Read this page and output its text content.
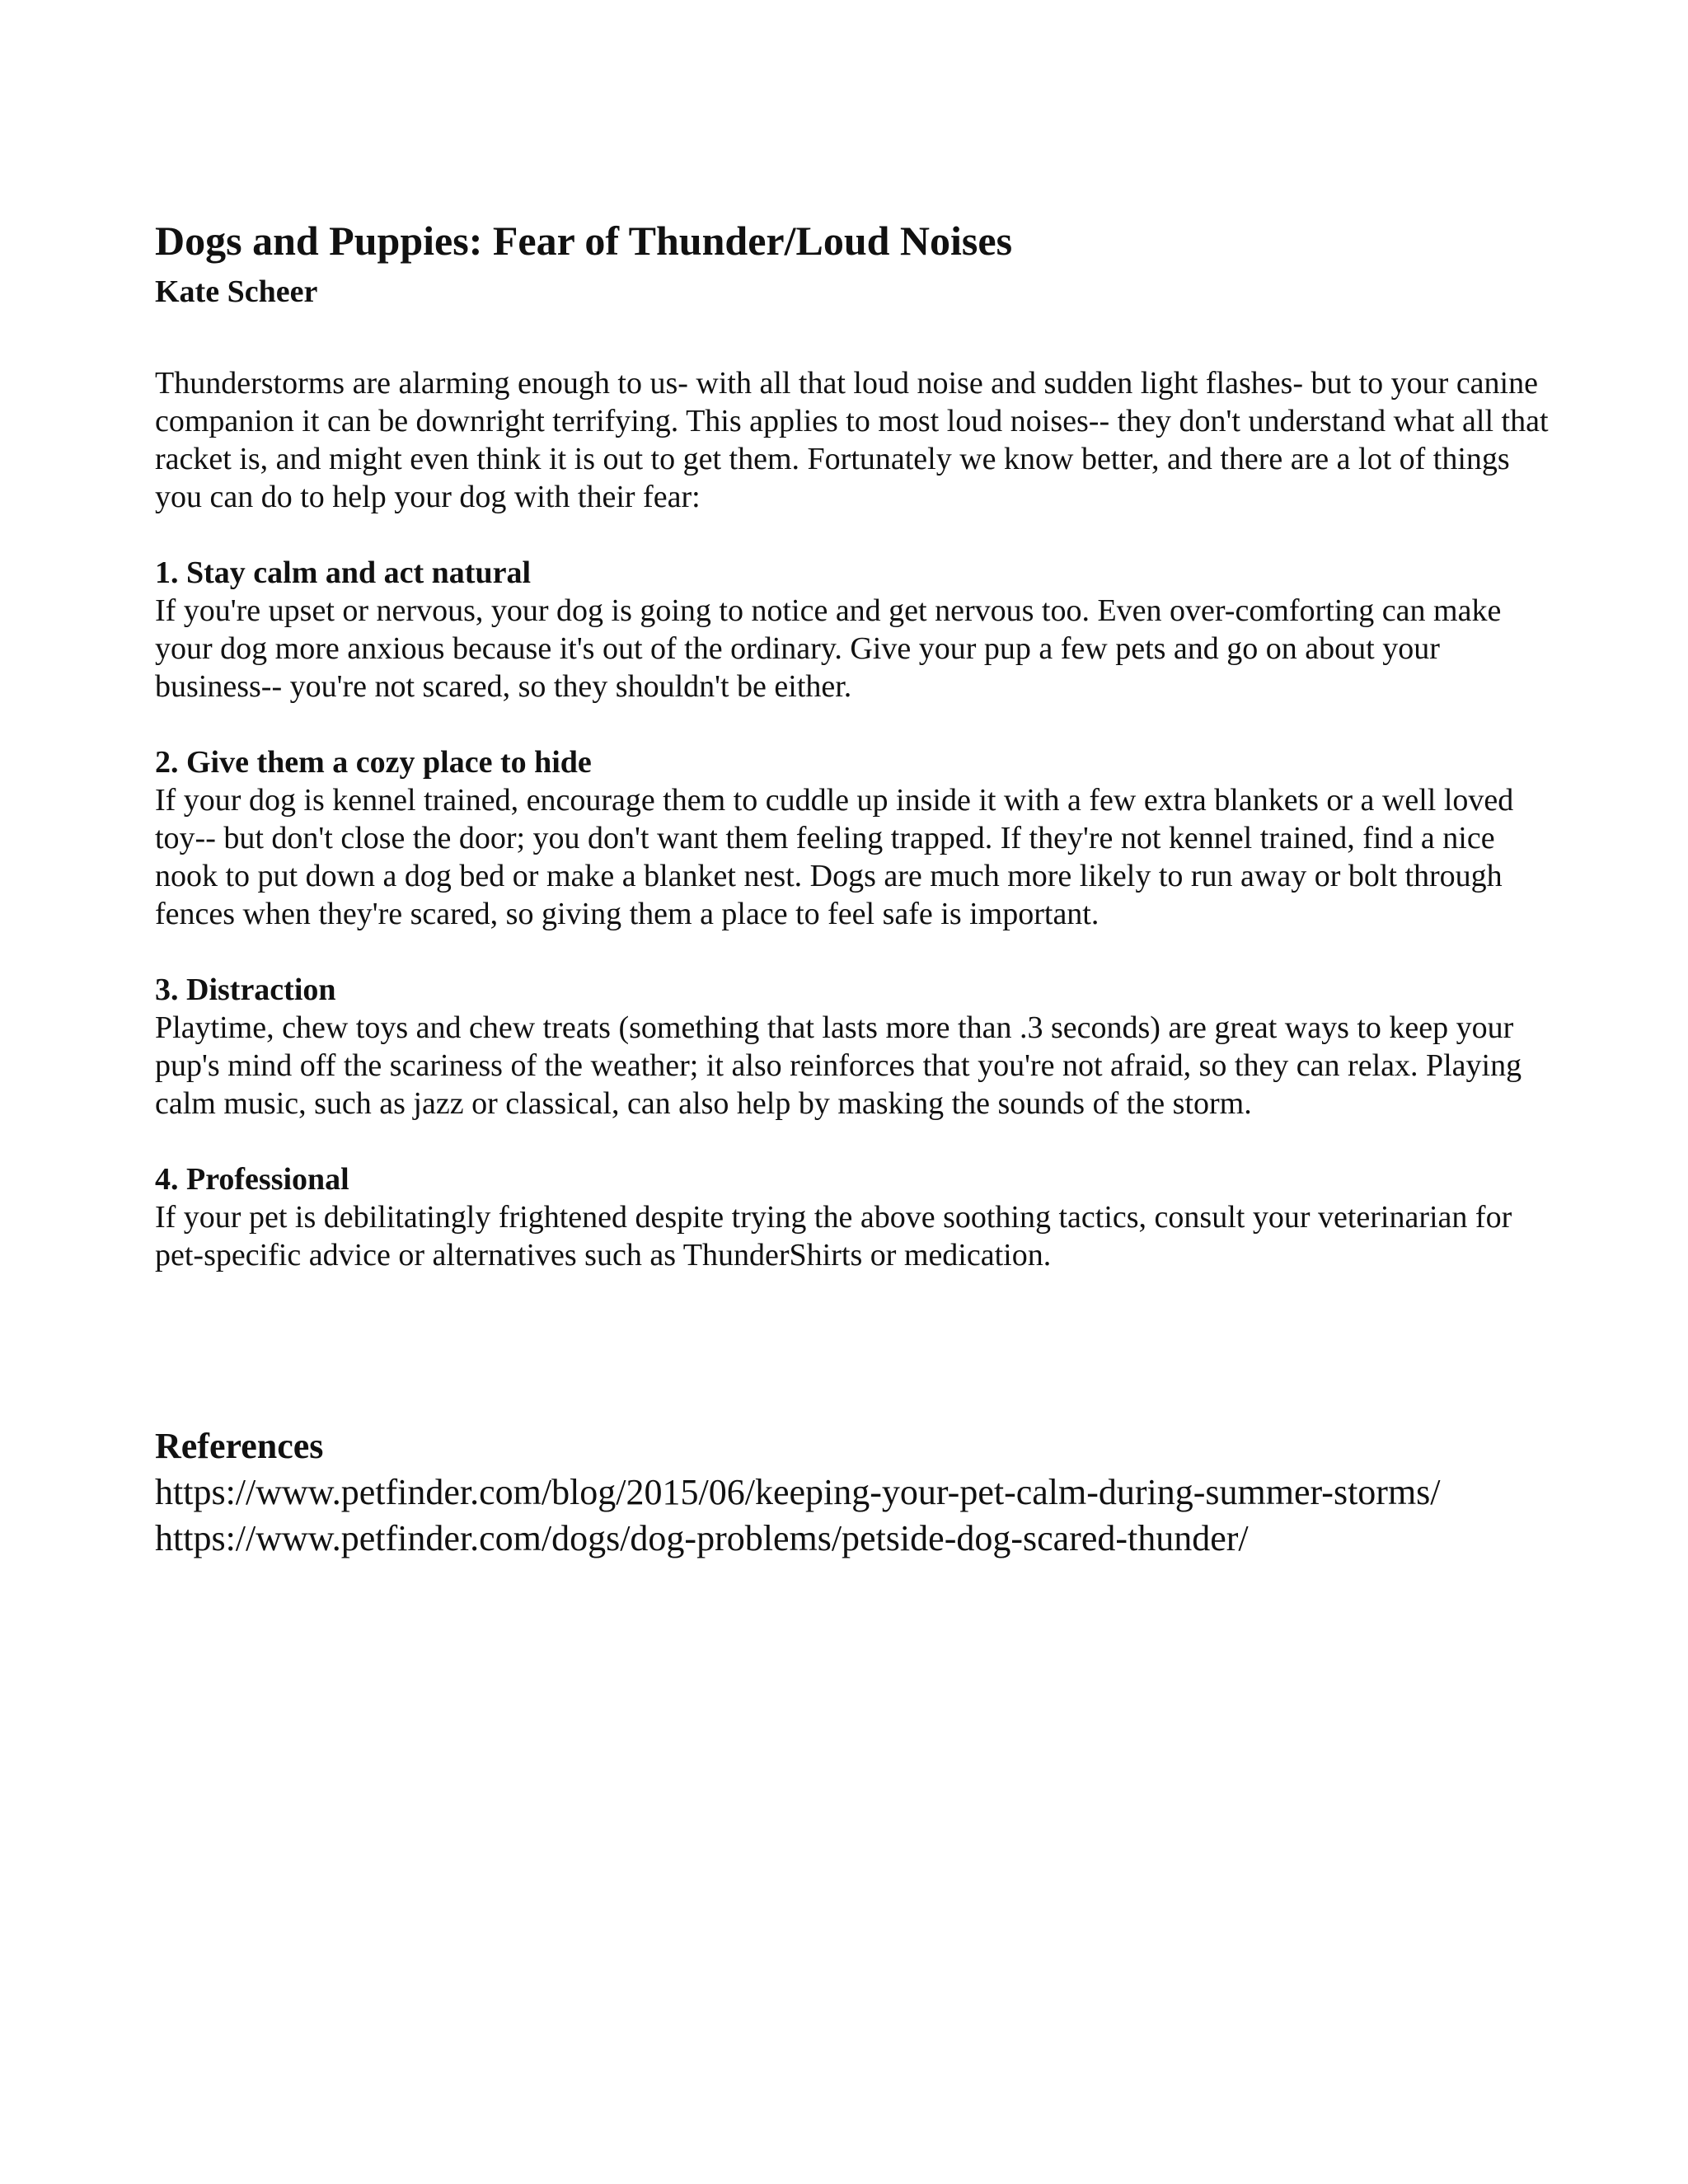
Dogs and Puppies: Fear of Thunder/Loud Noises

Kate Scheer

Thunderstorms are alarming enough to us- with all that loud noise and sudden light flashes- but to your canine companion it can be downright terrifying. This applies to most loud noises-- they don't understand what all that racket is, and might even think it is out to get them. Fortunately we know better, and there are a lot of things you can do to help your dog with their fear:

1. Stay calm and act natural

If you're upset or nervous, your dog is going to notice and get nervous too. Even over-comforting can make your dog more anxious because it's out of the ordinary. Give your pup a few pets and go on about your business-- you're not scared, so they shouldn't be either.

2. Give them a cozy place to hide

If your dog is kennel trained, encourage them to cuddle up inside it with a few extra blankets or a well loved toy-- but don't close the door; you don't want them feeling trapped. If they're not kennel trained, find a nice nook to put down a dog bed or make a blanket nest. Dogs are much more likely to run away or bolt through fences when they're scared, so giving them a place to feel safe is important.

3. Distraction

Playtime, chew toys and chew treats (something that lasts more than .3 seconds) are great ways to keep your pup's mind off the scariness of the weather; it also reinforces that you're not afraid, so they can relax. Playing calm music, such as jazz or classical, can also help by masking the sounds of the storm.

4. Professional

If your pet is debilitatingly frightened despite trying the above soothing tactics, consult your veterinarian for pet-specific advice or alternatives such as ThunderShirts or medication.

References

https://www.petfinder.com/blog/2015/06/keeping-your-pet-calm-during-summer-storms/
https://www.petfinder.com/dogs/dog-problems/petside-dog-scared-thunder/
